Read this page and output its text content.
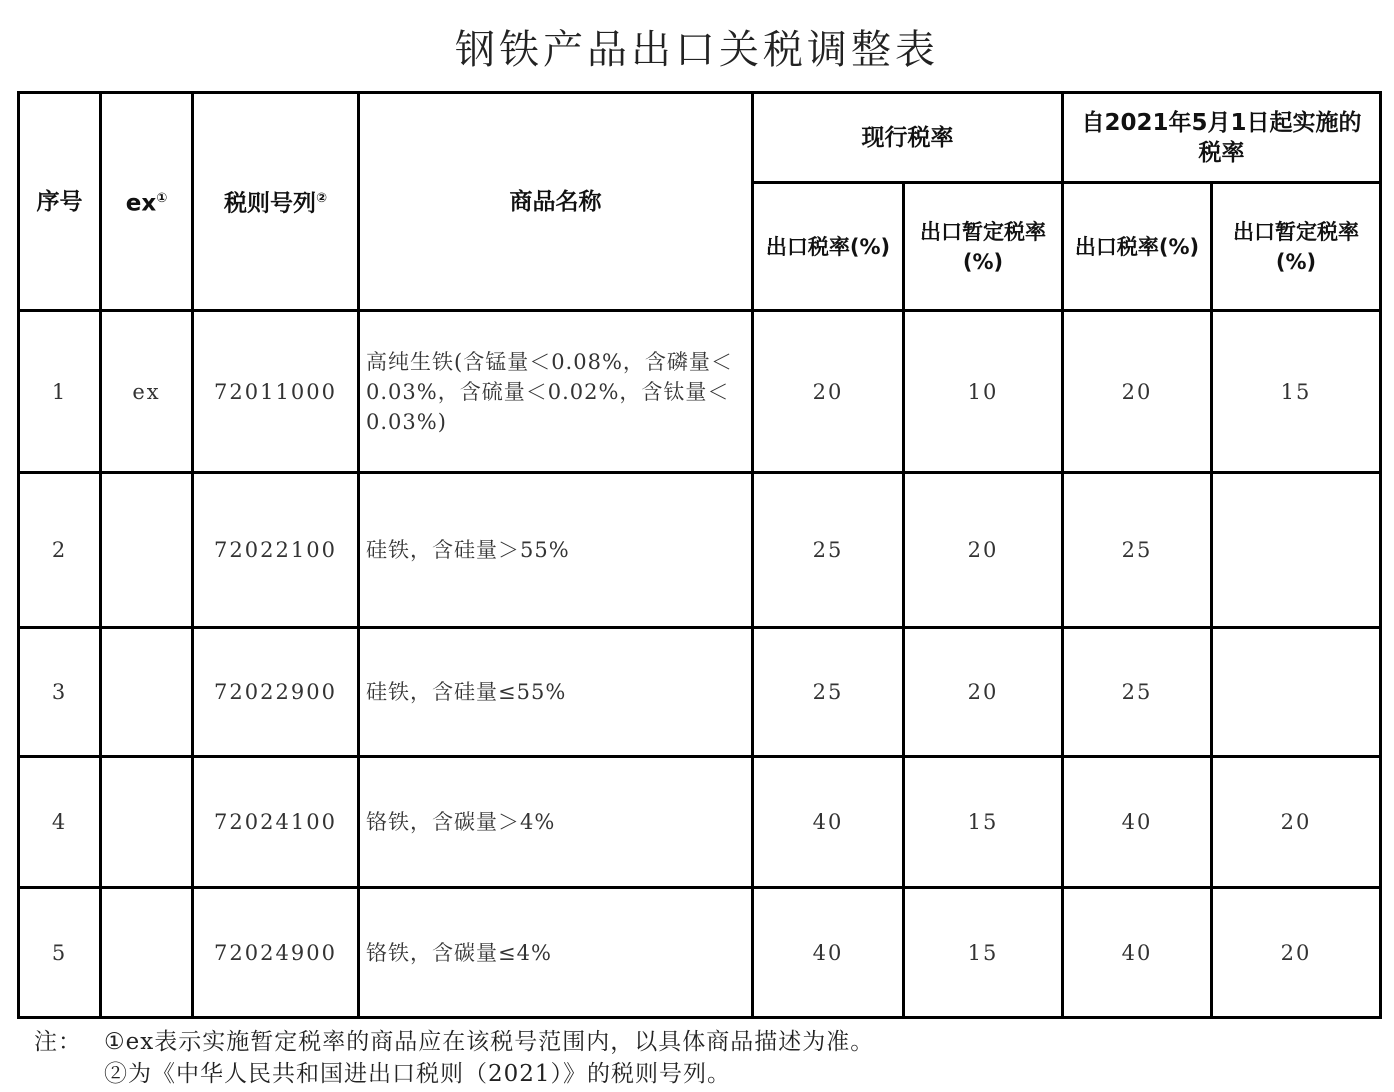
钢铁产品出口关税调整表
序号	ex①	税则号列②	商品名称	现行税率		自2021年5月1日起实施的税率	
				出口税率(%)	出口暂定税率(%)	出口税率(%)	出口暂定税率(%)
1	ex	72011000	高纯生铁(含锰量＜0.08%，含磷量＜0.03%，含硫量＜0.02%，含钛量＜0.03%)	20	10	20	15
2		72022100	硅铁，含硅量＞55%	25	20	25	
3		72022900	硅铁，含硅量≤55%	25	20	25	
4		72024100	铬铁，含碳量＞4%	40	15	40	20
5		72024900	铬铁，含碳量≤4%	40	15	40	20
注： ①ex表示实施暂定税率的商品应在该税号范围内，以具体商品描述为准。
②为《中华人民共和国进出口税则（2021）》的税则号列。
